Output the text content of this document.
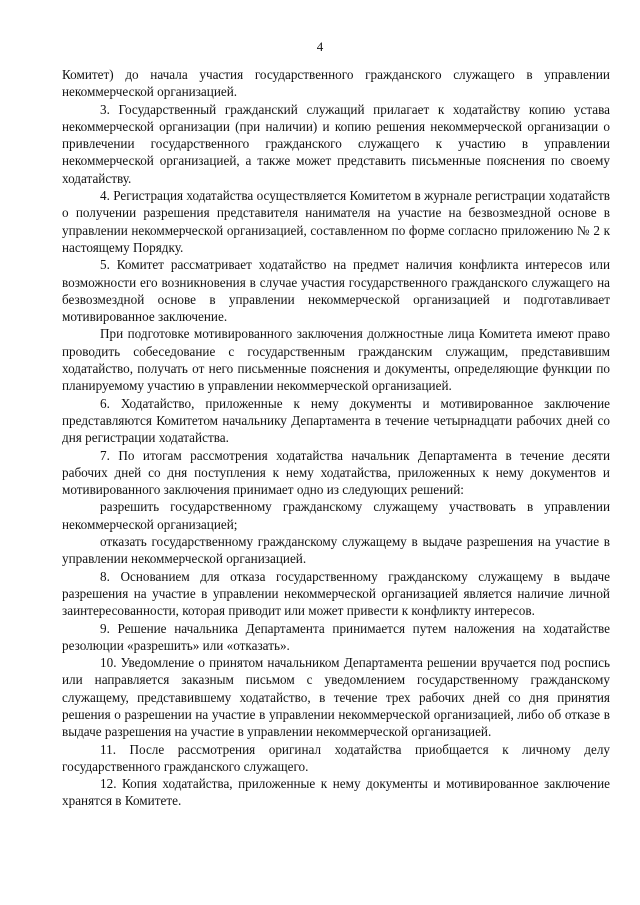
4

Комитет) до начала участия государственного гражданского служащего в управлении некоммерческой организацией.

3. Государственный гражданский служащий прилагает к ходатайству копию устава некоммерческой организации (при наличии) и копию решения некоммерческой организации о привлечении государственного гражданского служащего к участию в управлении некоммерческой организацией, а также может представить письменные пояснения по своему ходатайству.

4. Регистрация ходатайства осуществляется Комитетом в журнале регистрации ходатайств о получении разрешения представителя нанимателя на участие на безвозмездной основе в управлении некоммерческой организацией, составленном по форме согласно приложению № 2 к настоящему Порядку.

5. Комитет рассматривает ходатайство на предмет наличия конфликта интересов или возможности его возникновения в случае участия государственного гражданского служащего на безвозмездной основе в управлении некоммерческой организацией и подготавливает мотивированное заключение.

При подготовке мотивированного заключения должностные лица Комитета имеют право проводить собеседование с государственным гражданским служащим, представившим ходатайство, получать от него письменные пояснения и документы, определяющие функции по планируемому участию в управлении некоммерческой организацией.

6. Ходатайство, приложенные к нему документы и мотивированное заключение представляются Комитетом начальнику Департамента в течение четырнадцати рабочих дней со дня регистрации ходатайства.

7. По итогам рассмотрения ходатайства начальник Департамента в течение десяти рабочих дней со дня поступления к нему ходатайства, приложенных к нему документов и мотивированного заключения принимает одно из следующих решений:

разрешить государственному гражданскому служащему участвовать в управлении некоммерческой организацией;

отказать государственному гражданскому служащему в выдаче разрешения на участие в управлении некоммерческой организацией.

8. Основанием для отказа государственному гражданскому служащему в выдаче разрешения на участие в управлении некоммерческой организацией является наличие личной заинтересованности, которая приводит или может привести к конфликту интересов.

9. Решение начальника Департамента принимается путем наложения на ходатайстве резолюции «разрешить» или «отказать».

10. Уведомление о принятом начальником Департамента решении вручается под роспись или направляется заказным письмом с уведомлением государственному гражданскому служащему, представившему ходатайство, в течение трех рабочих дней со дня принятия решения о разрешении на участие в управлении некоммерческой организацией, либо об отказе в выдаче разрешения на участие в управлении некоммерческой организацией.

11. После рассмотрения оригинал ходатайства приобщается к личному делу государственного гражданского служащего.

12. Копия ходатайства, приложенные к нему документы и мотивированное заключение хранятся в Комитете.
